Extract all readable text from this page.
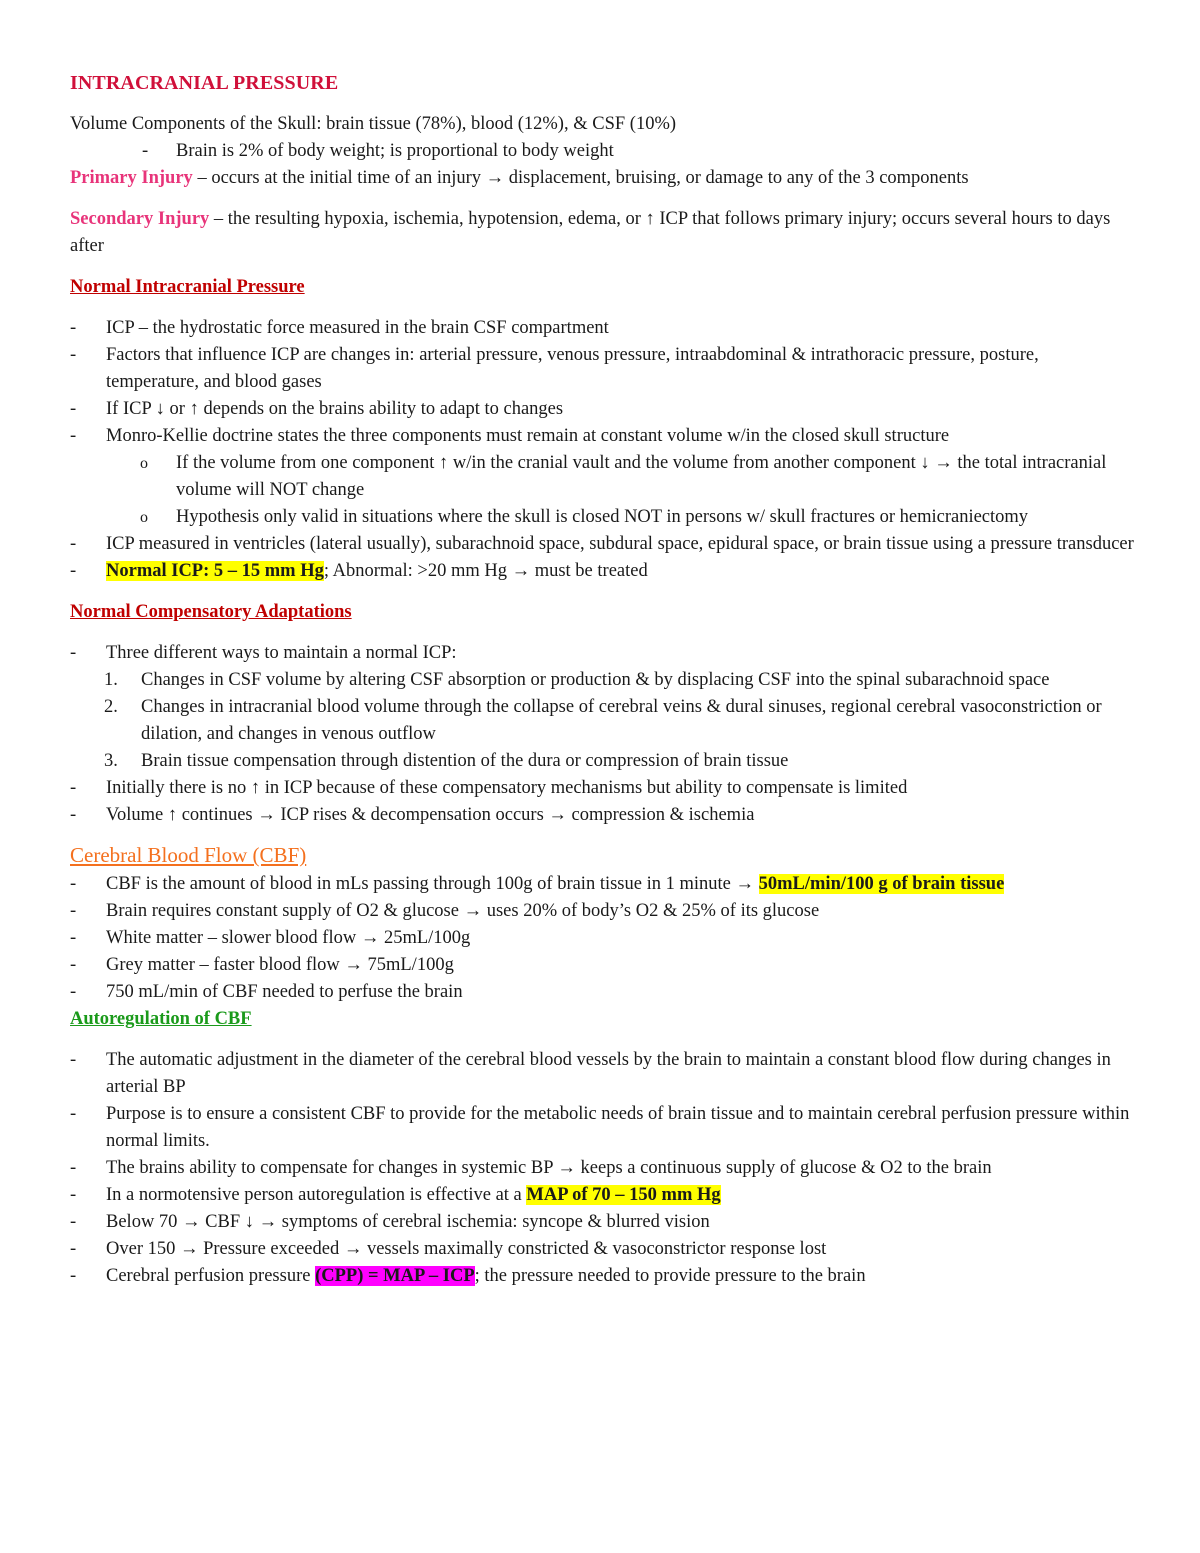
INTRACRANIAL PRESSURE

Volume Components of the Skull: brain tissue (78%), blood (12%), & CSF (10%)

- Brain is 2% of body weight; is proportional to body weight

Primary Injury – occurs at the initial time of an injury → displacement, bruising, or damage to any of the 3 components

Secondary Injury – the resulting hypoxia, ischemia, hypotension, edema, or ↑ ICP that follows primary injury; occurs several hours to days after

Normal Intracranial Pressure
- ICP – the hydrostatic force measured in the brain CSF compartment
- Factors that influence ICP are changes in: arterial pressure, venous pressure, intraabdominal & intrathoracic pressure, posture, temperature, and blood gases
- If ICP ↓ or ↑ depends on the brains ability to adapt to changes
- Monro-Kellie doctrine states the three components must remain at constant volume w/in the closed skull structure
o If the volume from one component ↑ w/in the cranial vault and the volume from another component ↓ → the total intracranial volume will NOT change
o Hypothesis only valid in situations where the skull is closed NOT in persons w/ skull fractures or hemicraniectomy
- ICP measured in ventricles (lateral usually), subarachnoid space, subdural space, epidural space, or brain tissue using a pressure transducer
- Normal ICP: 5 – 15 mm Hg; Abnormal: >20 mm Hg → must be treated
Normal Compensatory Adaptations
- Three different ways to maintain a normal ICP:
1. Changes in CSF volume by altering CSF absorption or production & by displacing CSF into the spinal subarachnoid space
2. Changes in intracranial blood volume through the collapse of cerebral veins & dural sinuses, regional cerebral vasoconstriction or dilation, and changes in venous outflow
3. Brain tissue compensation through distention of the dura or compression of brain tissue
- Initially there is no ↑ in ICP because of these compensatory mechanisms but ability to compensate is limited
- Volume ↑ continues → ICP rises & decompensation occurs → compression & ischemia
Cerebral Blood Flow (CBF)
- CBF is the amount of blood in mLs passing through 100g of brain tissue in 1 minute → 50mL/min/100 g of brain tissue
- Brain requires constant supply of O2 & glucose → uses 20% of body’s O2 & 25% of its glucose
- White matter – slower blood flow → 25mL/100g
- Grey matter – faster blood flow → 75mL/100g
- 750 mL/min of CBF needed to perfuse the brain
Autoregulation of CBF
- The automatic adjustment in the diameter of the cerebral blood vessels by the brain to maintain a constant blood flow during changes in arterial BP
- Purpose is to ensure a consistent CBF to provide for the metabolic needs of brain tissue and to maintain cerebral perfusion pressure within normal limits.
- The brains ability to compensate for changes in systemic BP → keeps a continuous supply of glucose & O2 to the brain
- In a normotensive person autoregulation is effective at a MAP of 70 – 150 mm Hg
- Below 70 → CBF ↓ → symptoms of cerebral ischemia: syncope & blurred vision
- Over 150 → Pressure exceeded → vessels maximally constricted & vasoconstrictor response lost
- Cerebral perfusion pressure (CPP) = MAP – ICP; the pressure needed to provide pressure to the brain
